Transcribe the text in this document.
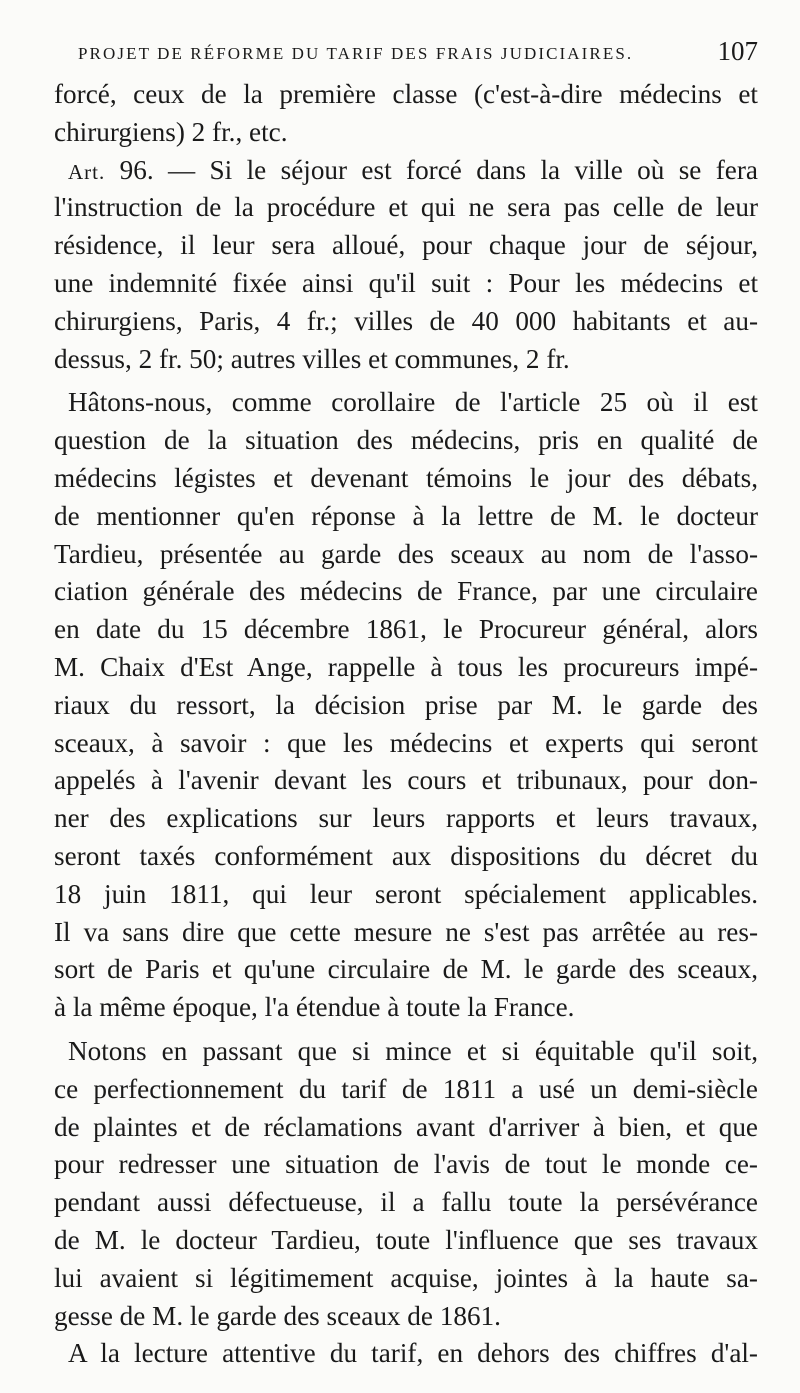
PROJET DE RÉFORME DU TARIF DES FRAIS JUDICIAIRES.	107
forcé, ceux de la première classe (c'est-à-dire médecins et
chirurgiens) 2 fr., etc.
Art. 96. — Si le séjour est forcé dans la ville où se fera
l'instruction de la procédure et qui ne sera pas celle de leur
résidence, il leur sera alloué, pour chaque jour de séjour,
une indemnité fixée ainsi qu'il suit : Pour les médecins et
chirurgiens, Paris, 4 fr.; villes de 40 000 habitants et au-
dessus, 2 fr. 50; autres villes et communes, 2 fr.
Hâtons-nous, comme corollaire de l'article 25 où il est
question de la situation des médecins, pris en qualité de
médecins légistes et devenant témoins le jour des débats,
de mentionner qu'en réponse à la lettre de M. le docteur
Tardieu, présentée au garde des sceaux au nom de l'asso-
ciation générale des médecins de France, par une circulaire
en date du 15 décembre 1861, le Procureur général, alors
M. Chaix d'Est Ange, rappelle à tous les procureurs impé-
riaux du ressort, la décision prise par M. le garde des
sceaux, à savoir : que les médecins et experts qui seront
appelés à l'avenir devant les cours et tribunaux, pour don-
ner des explications sur leurs rapports et leurs travaux,
seront taxés conformément aux dispositions du décret du
18 juin 1811, qui leur seront spécialement applicables.
Il va sans dire que cette mesure ne s'est pas arrêtée au res-
sort de Paris et qu'une circulaire de M. le garde des sceaux,
à la même époque, l'a étendue à toute la France.
Notons en passant que si mince et si équitable qu'il soit,
ce perfectionnement du tarif de 1811 a usé un demi-siècle
de plaintes et de réclamations avant d'arriver à bien, et que
pour redresser une situation de l'avis de tout le monde ce-
pendant aussi défectueuse, il a fallu toute la persévérance
de M. le docteur Tardieu, toute l'influence que ses travaux
lui avaient si légitimement acquise, jointes à la haute sa-
gesse de M. le garde des sceaux de 1861.
A la lecture attentive du tarif, en dehors des chiffres d'al-
